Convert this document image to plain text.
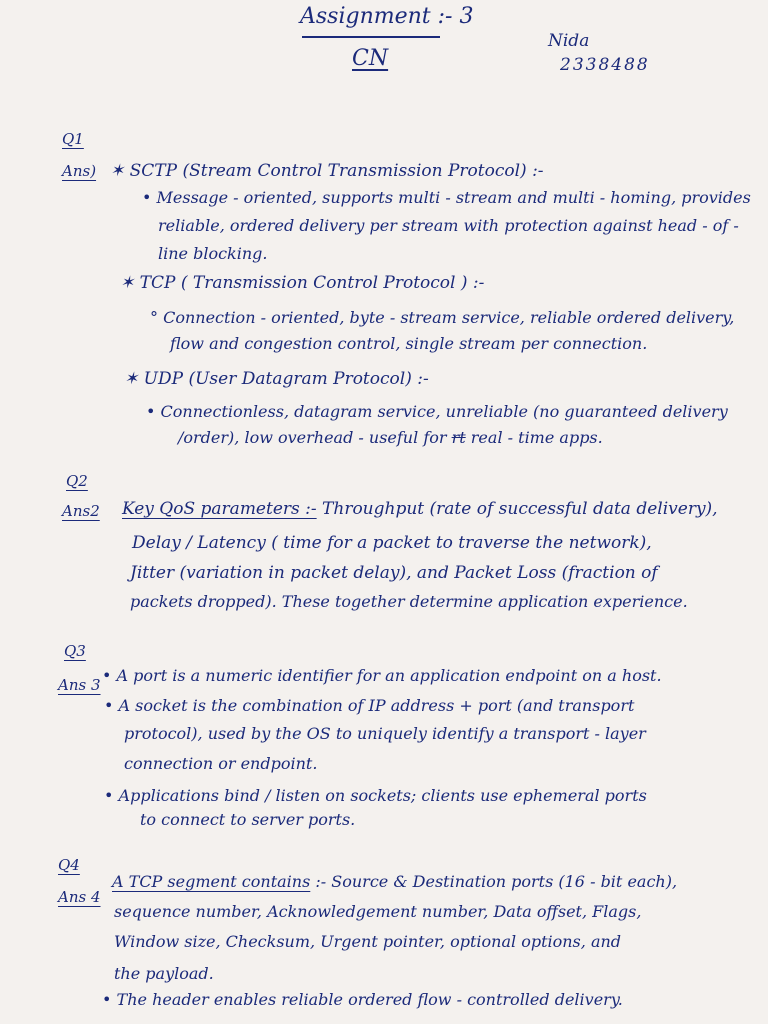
Assignment :- 3
CN
Nida
2338488
Q1
Ans) ✶ SCTP (Stream Control Transmission Protocol) :-
• Message - oriented, supports multi - stream and multi - homing, provides
reliable, ordered delivery per stream with protection against head - of -
line blocking.
✶ TCP ( Transmission Control Protocol ) :-
° Connection - oriented, byte - stream service, reliable ordered delivery,
flow and congestion control, single stream per connection.
✶ UDP (User Datagram Protocol) :-
• Connectionless, datagram service, unreliable (no guaranteed delivery
/order), low overhead - useful for rt real - time apps.
Q2
Ans2 Key QoS parameters :- Throughput (rate of successful data delivery),
Delay / Latency ( time for a packet to traverse the network),
Jitter (variation in packet delay), and Packet Loss (fraction of
packets dropped). These together determine application experience.
Q3
Ans 3 • A port is a numeric identifier for an application endpoint on a host.
• A socket is the combination of IP address + port (and transport
protocol), used by the OS to uniquely identify a transport - layer
connection or endpoint.
• Applications bind / listen on sockets; clients use ephemeral ports
to connect to server ports.
Q4
Ans 4
A TCP segment contains :- Source & Destination ports (16 - bit each),
sequence number, Acknowledgement number, Data offset, Flags,
Window size, Checksum, Urgent pointer, optional options, and
the payload.
• The header enables reliable ordered flow - controlled delivery.
